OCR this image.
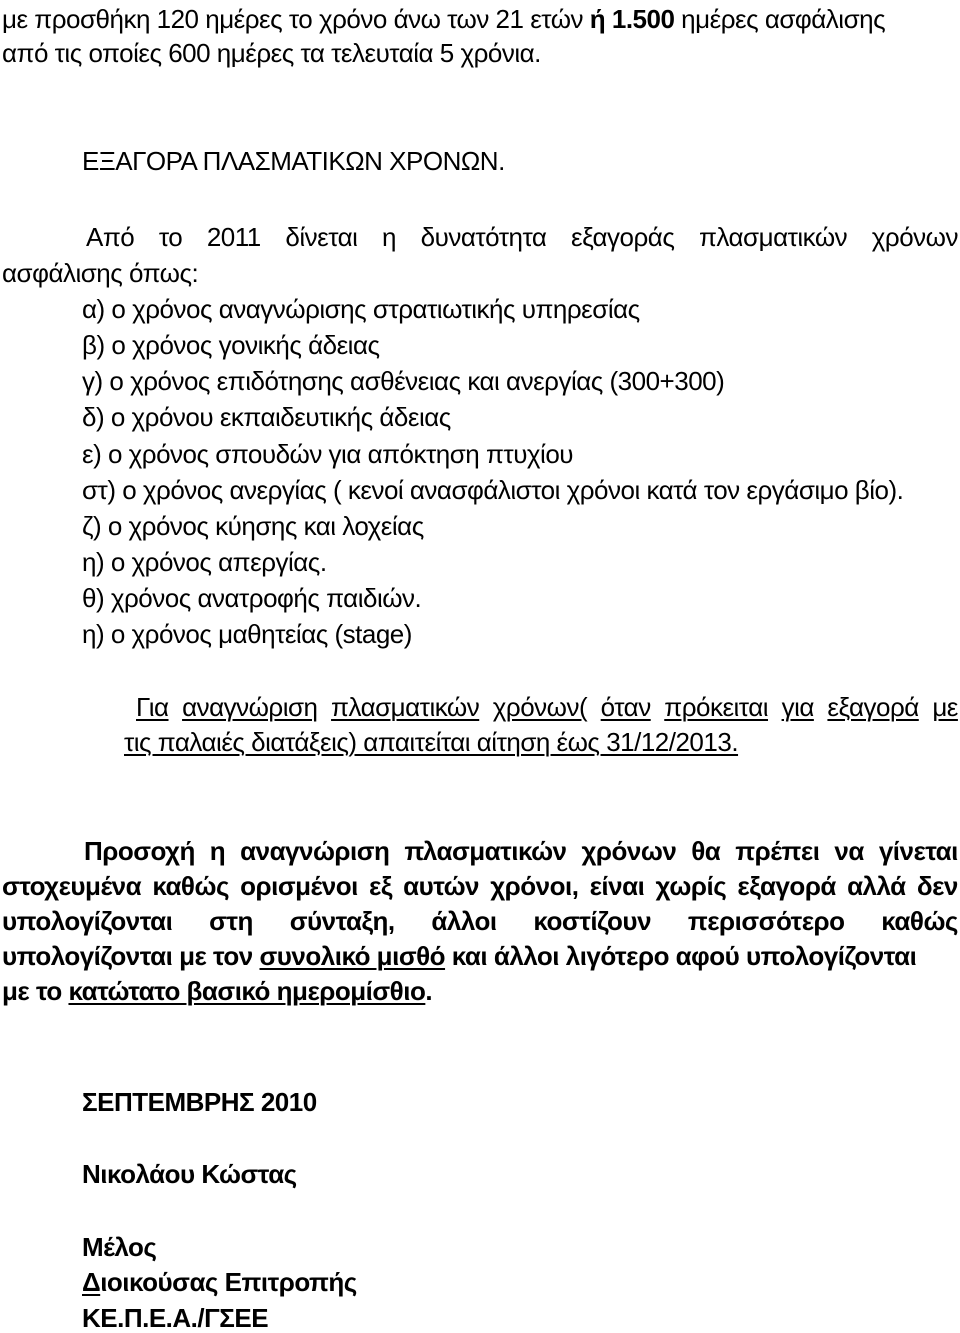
με προσθήκη 120 ημέρες το χρόνο άνω των 21 ετών ή 1.500 ημέρες ασφάλισης
από τις οποίες 600 ημέρες τα τελευταία 5 χρόνια.
ΕΞΑΓΟΡΑ ΠΛΑΣΜΑΤΙΚΩΝ ΧΡΟΝΩΝ.
Από το 2011 δίνεται η δυνατότητα εξαγοράς πλασματικών χρόνων
ασφάλισης όπως:
α) ο χρόνος αναγνώρισης στρατιωτικής υπηρεσίας
β) ο χρόνος γονικής άδειας
γ) ο χρόνος επιδότησης ασθένειας και ανεργίας (300+300)
δ) ο χρόνου εκπαιδευτικής άδειας
ε) ο χρόνος σπουδών για απόκτηση πτυχίου
στ) ο χρόνος ανεργίας ( κενοί ανασφάλιστοι χρόνοι κατά τον εργάσιμο βίο).
ζ) ο χρόνος κύησης και λοχείας
η) ο χρόνος απεργίας.
θ) χρόνος ανατροφής παιδιών.
η) ο χρόνος μαθητείας (stage)
Για αναγνώριση πλασματικών χρόνων( όταν πρόκειται για εξαγορά με
τις παλαιές διατάξεις) απαιτείται αίτηση έως 31/12/2013.
Προσοχή η αναγνώριση πλασματικών χρόνων θα πρέπει να γίνεται
στοχευμένα καθώς ορισμένοι εξ αυτών χρόνοι, είναι χωρίς εξαγορά αλλά δεν
υπολογίζονται στη σύνταξη, άλλοι κοστίζουν περισσότερο καθώς
υπολογίζονται με τον συνολικό μισθό και άλλοι λιγότερο αφού υπολογίζονται
με το κατώτατο βασικό ημερομίσθιο.
ΣΕΠΤΕΜΒΡΗΣ 2010
Νικολάου Κώστας
Μέλος
Διοικούσας Επιτροπής
ΚΕ.Π.Ε.Α./ΓΣΕΕ
